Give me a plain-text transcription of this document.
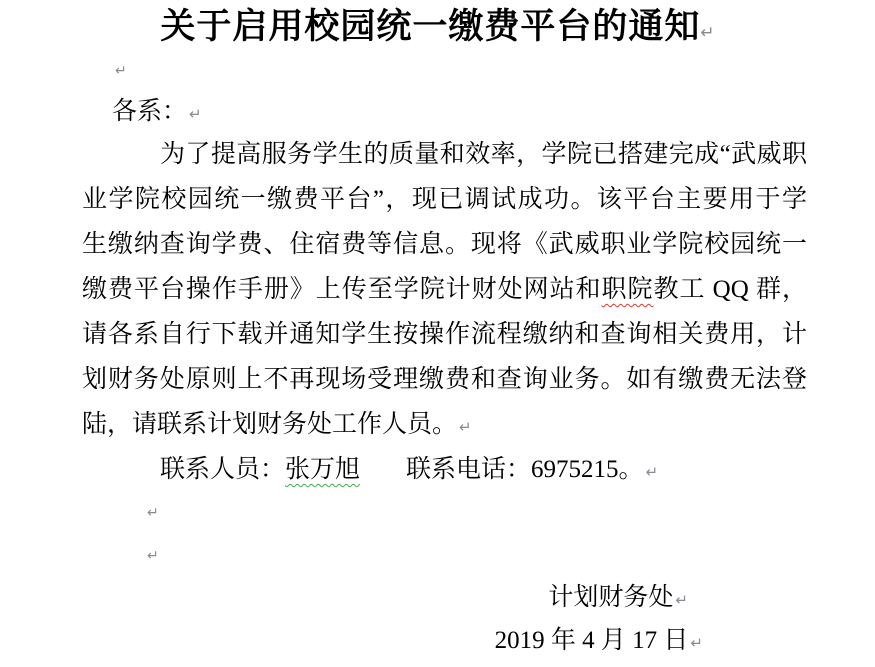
关于启用校园统一缴费平台的通知↵
↵
各系： ↵
为了提高服务学生的质量和效率，学院已搭建完成“武威职
业学院校园统一缴费平台”，现已调试成功。该平台主要用于学
生缴纳查询学费、住宿费等信息。现将《武威职业学院校园统一
缴费平台操作手册》上传至学院计财处网站和职院教工 QQ 群，
请各系自行下载并通知学生按操作流程缴纳和查询相关费用，计
划财务处原则上不再现场受理缴费和查询业务。如有缴费无法登
陆，请联系计划财务处工作人员。 ↵
联系人员：张万旭 联系电话：6975215。 ↵
↵
↵
计划财务处 ↵
2019 年 4 月 17 日 ↵
